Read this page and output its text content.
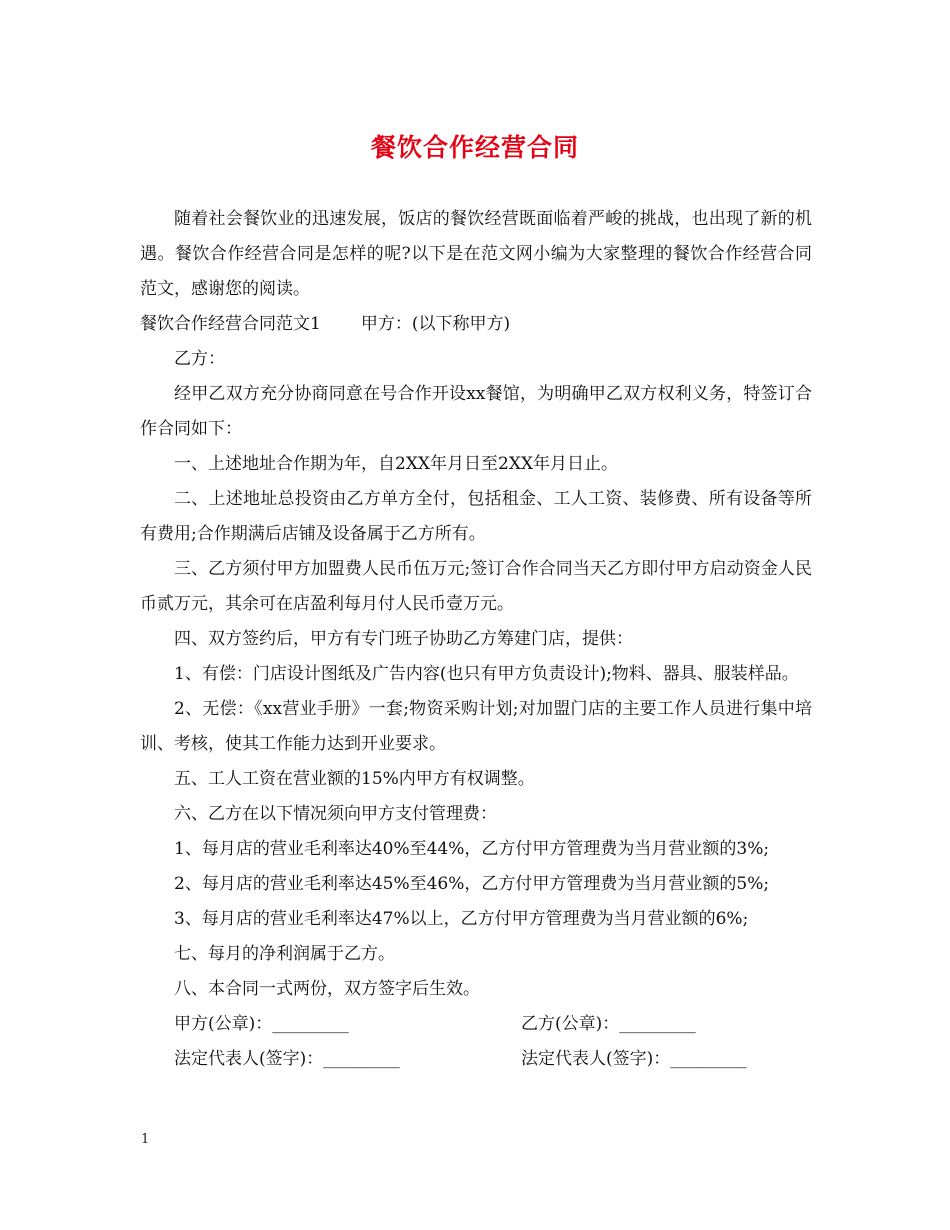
餐饮合作经营合同

随着社会餐饮业的迅速发展，饭店的餐饮经营既面临着严峻的挑战，也出现了新的机遇。餐饮合作经营合同是怎样的呢?以下是在范文网小编为大家整理的餐饮合作经营合同范文，感谢您的阅读。

餐饮合作经营合同范文1 甲方：(以下称甲方)

乙方：

经甲乙双方充分协商同意在号合作开设xx餐馆，为明确甲乙双方权利义务，特签订合作合同如下：

一、上述地址合作期为年，自2XX年月日至2XX年月日止。

二、上述地址总投资由乙方单方全付，包括租金、工人工资、装修费、所有设备等所有费用;合作期满后店铺及设备属于乙方所有。

三、乙方须付甲方加盟费人民币伍万元;签订合作合同当天乙方即付甲方启动资金人民币贰万元，其余可在店盈利每月付人民币壹万元。

四、双方签约后，甲方有专门班子协助乙方筹建门店，提供：

1、有偿：门店设计图纸及广告内容(也只有甲方负责设计);物料、器具、服装样品。

2、无偿：《xx营业手册》一套;物资采购计划;对加盟门店的主要工作人员进行集中培训、考核，使其工作能力达到开业要求。

五、工人工资在营业额的15%内甲方有权调整。

六、乙方在以下情况须向甲方支付管理费：

1、每月店的营业毛利率达40%至44%，乙方付甲方管理费为当月营业额的3%;

2、每月店的营业毛利率达45%至46%，乙方付甲方管理费为当月营业额的5%;

3、每月店的营业毛利率达47%以上，乙方付甲方管理费为当月营业额的6%;

七、每月的净利润属于乙方。

八、本合同一式两份，双方签字后生效。

甲方(公章)：_________	乙方(公章)：_________
法定代表人(签字)：_________	法定代表人(签字)：_________
1
